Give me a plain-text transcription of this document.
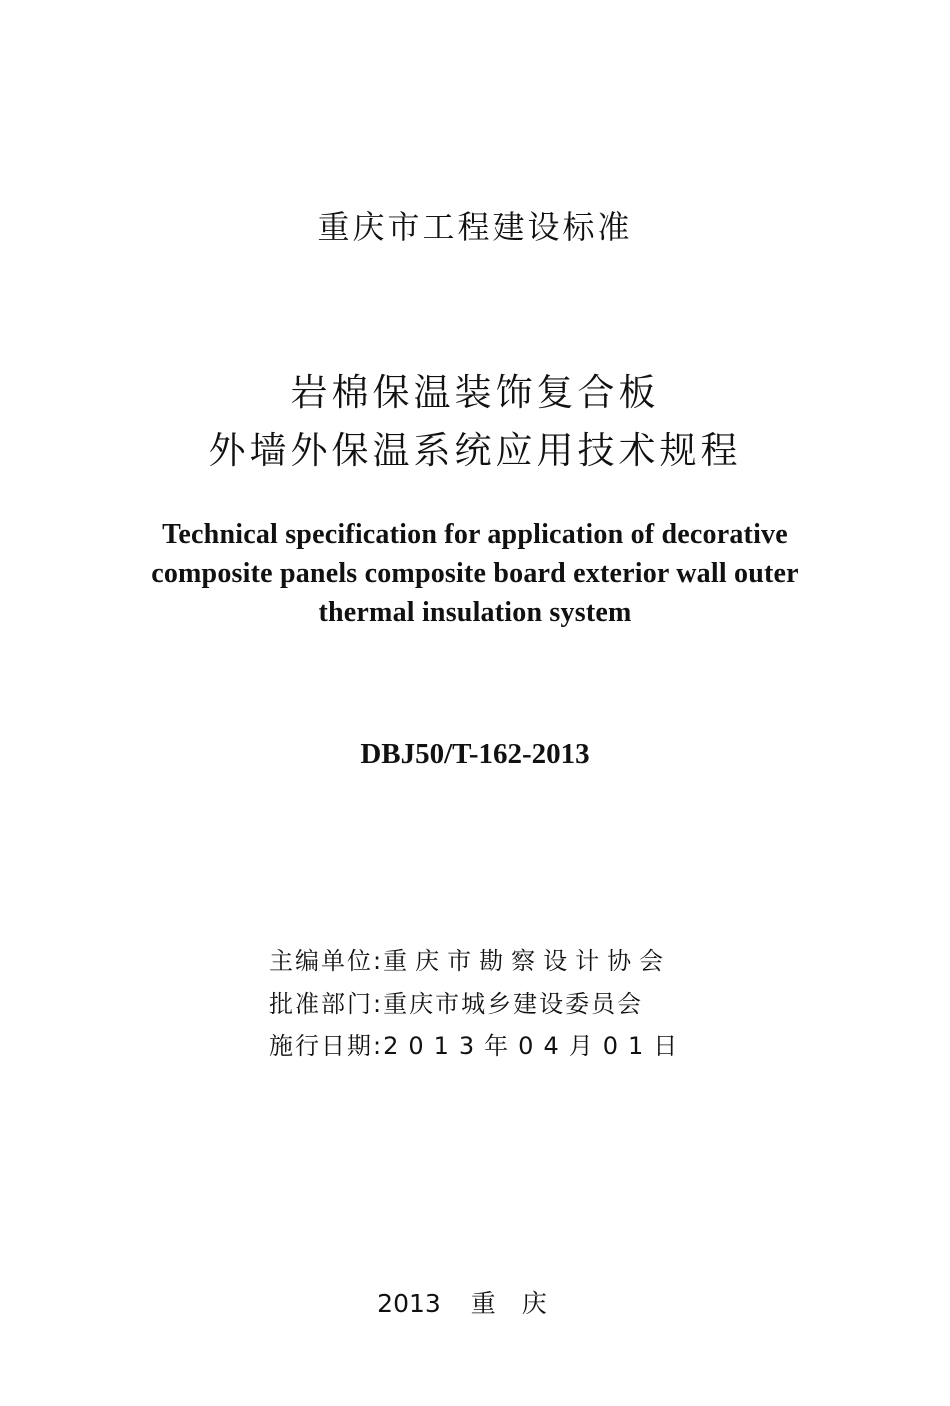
重庆市工程建设标准
岩棉保温装饰复合板
外墙外保温系统应用技术规程
Technical specification for application of decorative
composite panels composite board exterior wall outer
thermal insulation system
DBJ50/T-162-2013
主编单位:重庆市勘察设计协会
批准部门:重庆市城乡建设委员会
施行日期:2013年04月01日
2013 重庆
